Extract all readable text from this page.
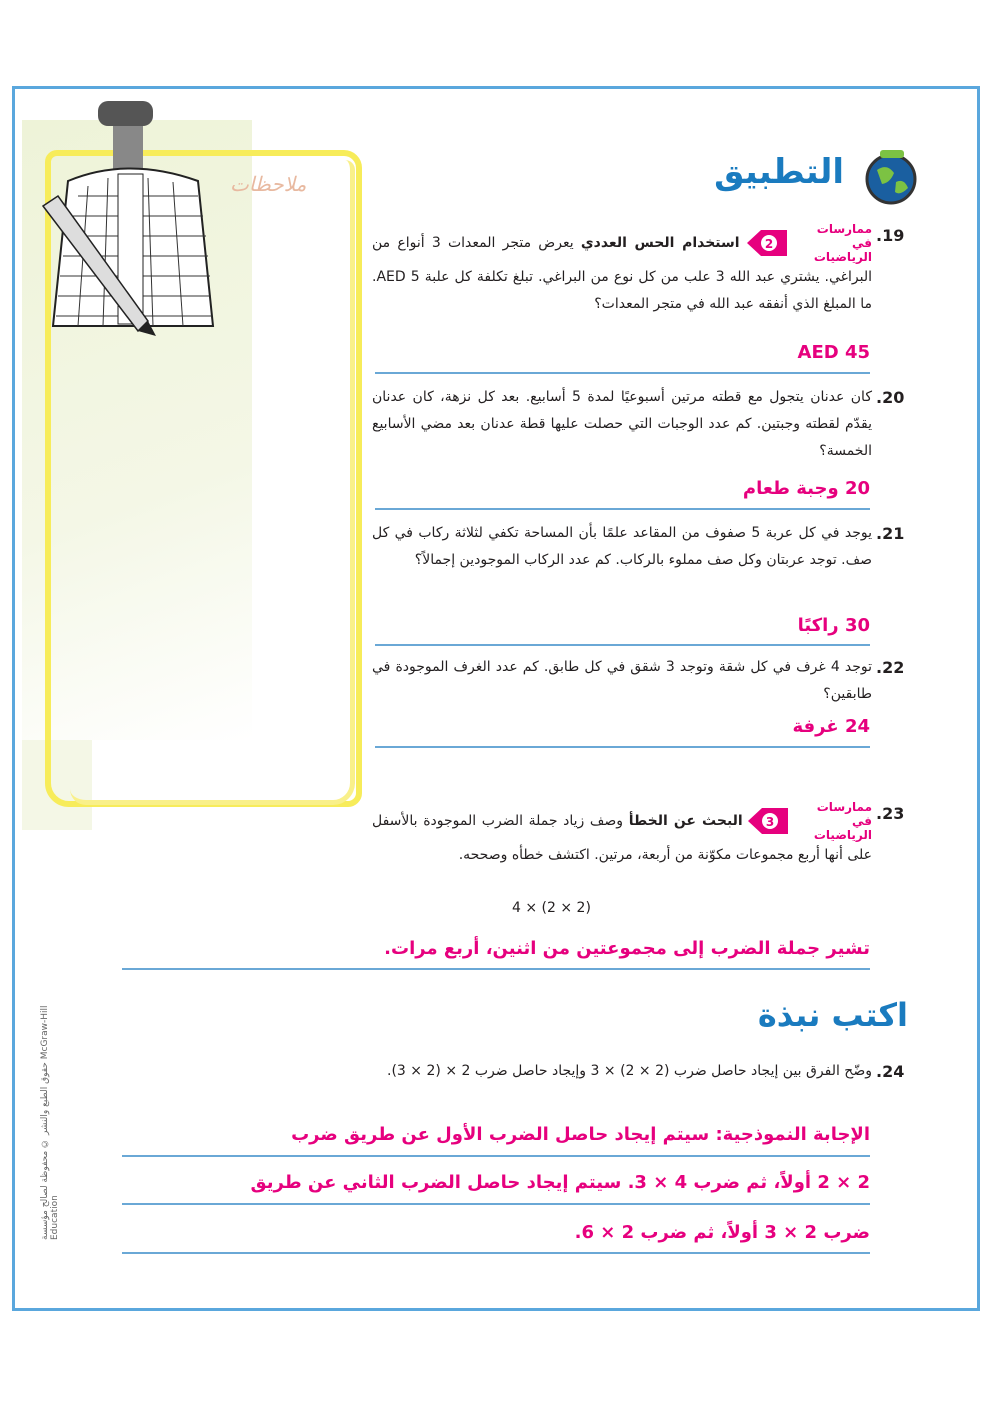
ملاحظات
حقوق الطبع والنشر © محفوظة لصالح مؤسسة McGraw-Hill Education
التطبيق
19.
ممارسات في الرياضيات
2
استخدام الحس العددي يعرض متجر المعدات 3 أنواع من البراغي. يشتري عبد الله 3 علب من كل نوع من البراغي. تبلغ تكلفة كل علبة 5 AED. ما المبلغ الذي أنفقه عبد الله في متجر المعدات؟
AED 45
20.
كان عدنان يتجول مع قطته مرتين أسبوعيًا لمدة 5 أسابيع. بعد كل نزهة، كان عدنان يقدّم لقطته وجبتين. كم عدد الوجبات التي حصلت عليها قطة عدنان بعد مضي الأسابيع الخمسة؟
20 وجبة طعام
21.
يوجد في كل عربة 5 صفوف من المقاعد علمًا بأن المساحة تكفي لثلاثة ركاب في كل صف. توجد عربتان وكل صف مملوء بالركاب. كم عدد الركاب الموجودين إجمالاً؟
30 راكبًا
22.
توجد 4 غرف في كل شقة وتوجد 3 شقق في كل طابق. كم عدد الغرف الموجودة في طابقين؟
24 غرفة
23.
ممارسات في الرياضيات
3
البحث عن الخطأ وصف زياد جملة الضرب الموجودة بالأسفل على أنها أربع مجموعات مكوّنة من أربعة، مرتين. اكتشف خطأه وصححه.
4 × (2 × 2)
تشير جملة الضرب إلى مجموعتين من اثنين، أربع مرات.
اكتب نبذة
24.
وضّح الفرق بين إيجاد حاصل ضرب (2 × 2) × 3 وإيجاد حاصل ضرب 2 × (2 × 3).
الإجابة النموذجية: سيتم إيجاد حاصل الضرب الأول عن طريق ضرب
2 × 2 أولاً، ثم ضرب 4 × 3. سيتم إيجاد حاصل الضرب الثاني عن طريق
ضرب 2 × 3 أولاً، ثم ضرب 2 × 6.
